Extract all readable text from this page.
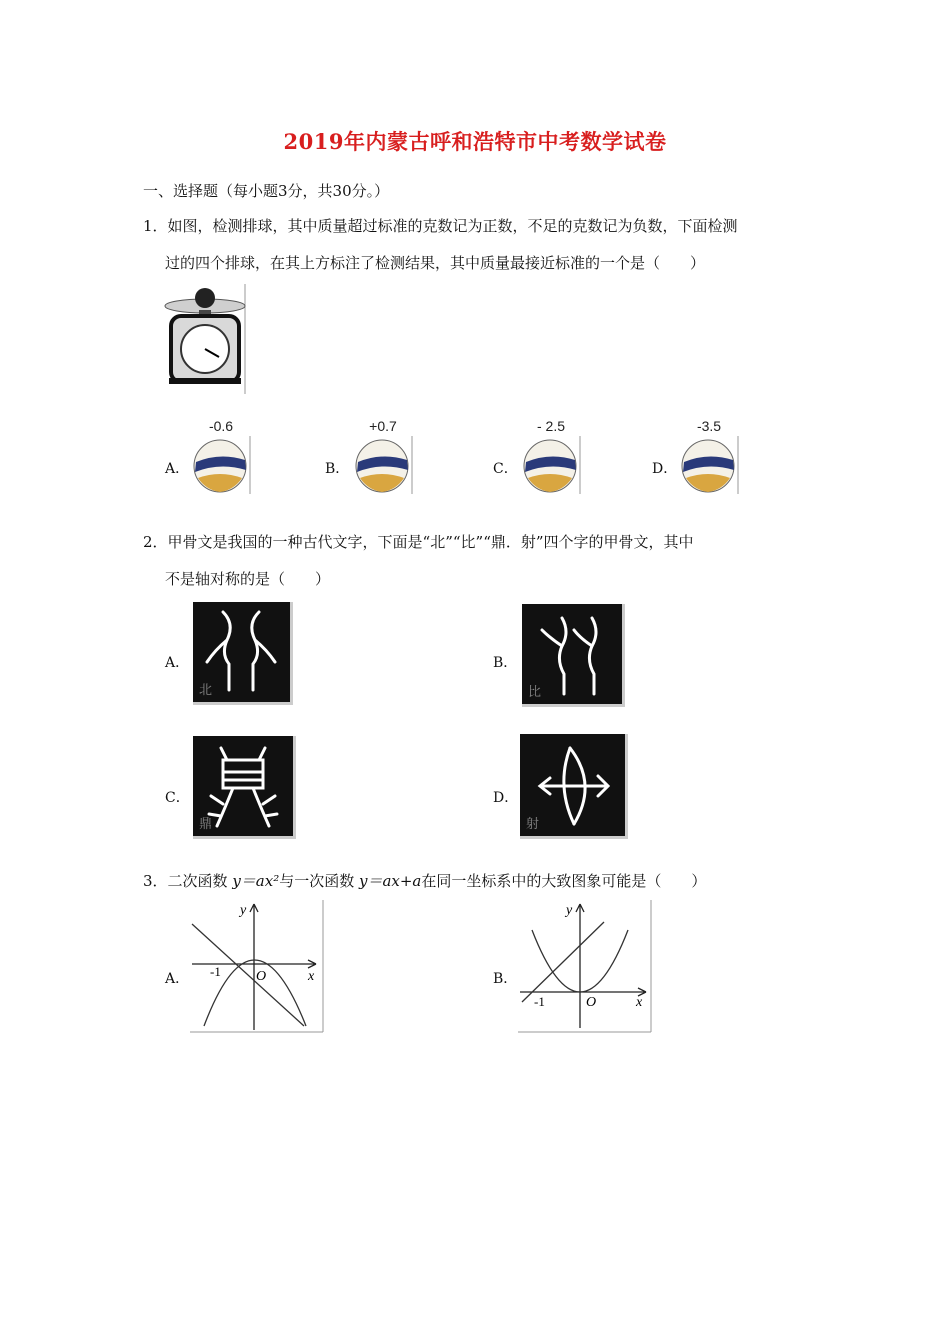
2019年内蒙古呼和浩特市中考数学试卷
一、选择题（每小题3分，共30分。）
1．如图，检测排球，其中质量超过标准的克数记为正数，不足的克数记为负数，下面检测
过的四个排球，在其上方标注了检测结果，其中质量最接近标准的一个是（　　）
A．
-0.6
B．
+0.7
C．
- 2.5
D．
-3.5
2．甲骨文是我国的一种古代文字，下面是“北”“比”“鼎．射”四个字的甲骨文，其中
不是轴对称的是（　　）
A．
北
B．
比
C．
鼎
D．
射
3．二次函数 y＝ax²与一次函数 y＝ax+a在同一坐标系中的大致图象可能是（　　）
A．
y
x
O
-1	B．
y
x
O
-1
